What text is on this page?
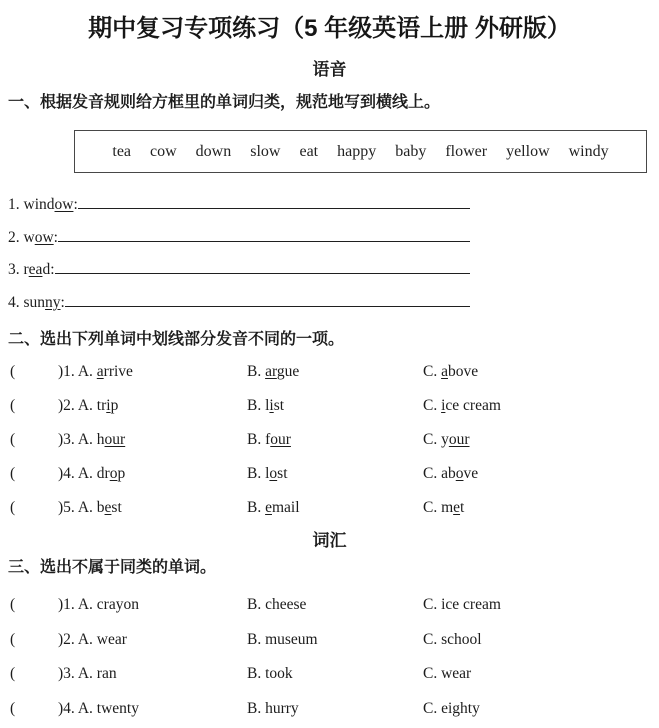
期中复习专项练习（5 年级英语上册 外研版）
语音
一、根据发音规则给方框里的单词归类，规范地写到横线上。
tea cow down slow eat happy baby flower yellow windy
1. window:
2. wow:
3. read:
4. sunny:
二、选出下列单词中划线部分发音不同的一项。
(	)1. A. arrive	B. argue	C. above
(	)2. A. trip	B. list	C. ice cream
(	)3. A. hour	B. four	C. your
(	)4. A. drop	B. lost	C. above
(	)5. A. best	B. email	C. met
词汇
三、选出不属于同类的单词。
(	)1. A. crayon	B. cheese	C. ice cream
(	)2. A. wear	B. museum	C. school
(	)3. A. ran	B. took	C. wear
(	)4. A. twenty	B. hurry	C. eighty
